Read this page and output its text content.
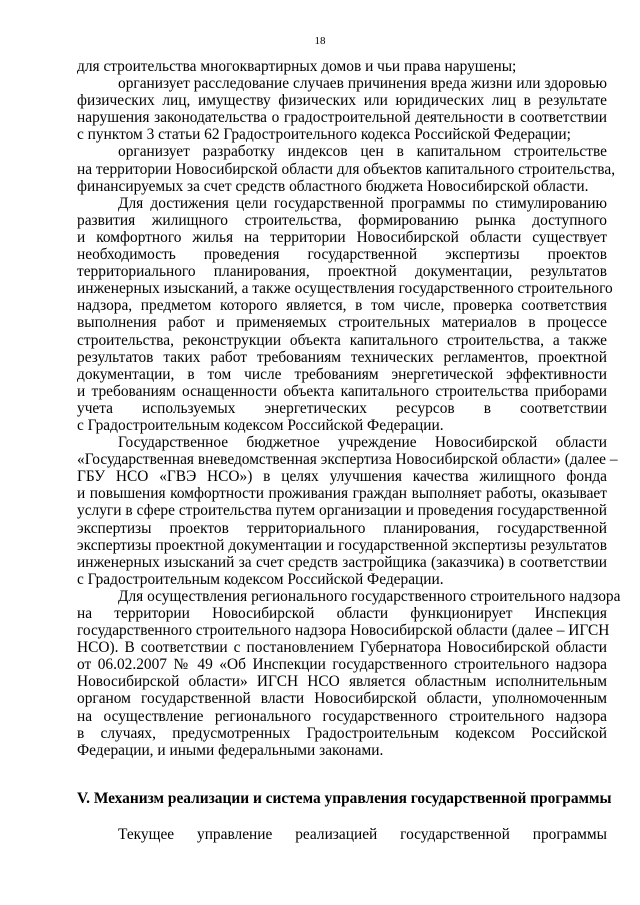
18
для строительства многоквартирных домов и чьи права нарушены;
организует расследование случаев причинения вреда жизни или здоровью
физических лиц, имуществу физических или юридических лиц в результате
нарушения законодательства о градостроительной деятельности в соответствии
с пунктом 3 статьи 62 Градостроительного кодекса Российской Федерации;
организует разработку индексов цен в капитальном строительстве
на территории Новосибирской области для объектов капитального строительства,
финансируемых за счет средств областного бюджета Новосибирской области.
Для достижения цели государственной программы по стимулированию
развития жилищного строительства, формированию рынка доступного
и комфортного жилья на территории Новосибирской области существует
необходимость проведения государственной экспертизы проектов
территориального планирования, проектной документации, результатов
инженерных изысканий, а также осуществления государственного строительного
надзора, предметом которого является, в том числе, проверка соответствия
выполнения работ и применяемых строительных материалов в процессе
строительства, реконструкции объекта капитального строительства, а также
результатов таких работ требованиям технических регламентов, проектной
документации, в том числе требованиям энергетической эффективности
и требованиям оснащенности объекта капитального строительства приборами
учета используемых энергетических ресурсов в соответствии
с Градостроительным кодексом Российской Федерации.
Государственное бюджетное учреждение Новосибирской области
«Государственная вневедомственная экспертиза Новосибирской области» (далее –
ГБУ НСО «ГВЭ НСО») в целях улучшения качества жилищного фонда
и повышения комфортности проживания граждан выполняет работы, оказывает
услуги в сфере строительства путем организации и проведения государственной
экспертизы проектов территориального планирования, государственной
экспертизы проектной документации и государственной экспертизы результатов
инженерных изысканий за счет средств застройщика (заказчика) в соответствии
с Градостроительным кодексом Российской Федерации.
Для осуществления регионального государственного строительного надзора
на территории Новосибирской области функционирует Инспекция
государственного строительного надзора Новосибирской области (далее – ИГСН
НСО). В соответствии с постановлением Губернатора Новосибирской области
от 06.02.2007 № 49 «Об Инспекции государственного строительного надзора
Новосибирской области» ИГСН НСО является областным исполнительным
органом государственной власти Новосибирской области, уполномоченным
на осуществление регионального государственного строительного надзора
в случаях, предусмотренных Градостроительным кодексом Российской
Федерации, и иными федеральными законами.
V. Механизм реализации и система управления государственной программы
Текущее управление реализацией государственной программы
